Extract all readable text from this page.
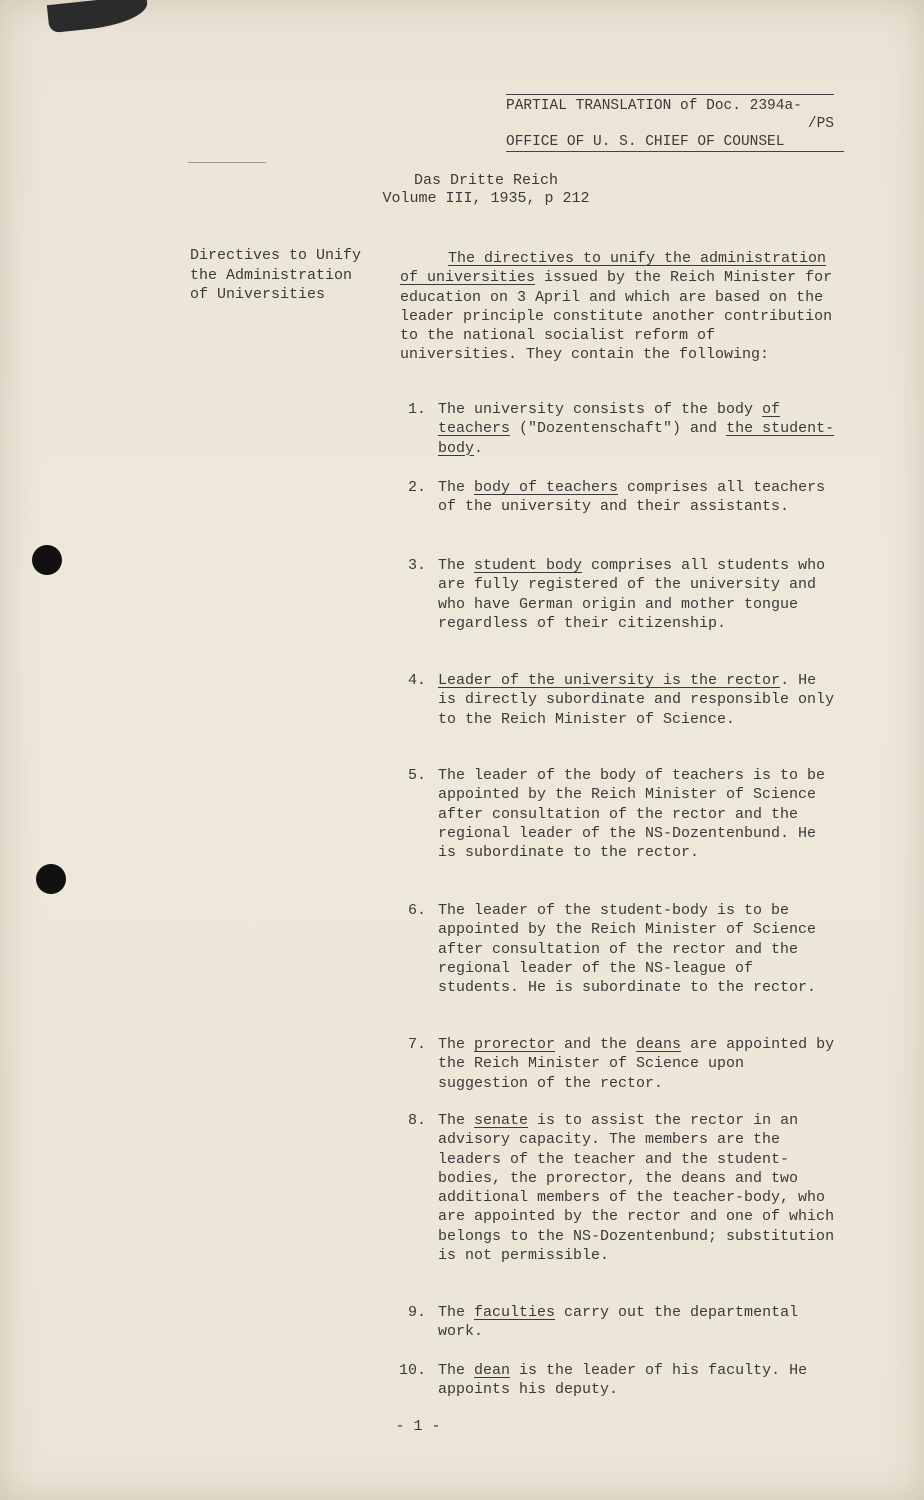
PARTIAL TRANSLATION of Doc. 2394a-
/PS
OFFICE OF U. S. CHIEF OF COUNSEL
Das Dritte Reich
Volume III, 1935, p 212
Directives to Unify
the Administration
of Universities
The directives to unify the administration of universities issued by the Reich Minister for education on 3 April and which are based on the leader principle constitute another contribution to the national socialist reform of universities. They contain the following:
1. The university consists of the body of teachers ("Dozentenschaft") and the student-body.
2. The body of teachers comprises all teachers of the university and their assistants.
3. The student body comprises all students who are fully registered of the university and who have German origin and mother tongue regardless of their citizenship.
4. Leader of the university is the rector. He is directly subordinate and responsible only to the Reich Minister of Science.
5. The leader of the body of teachers is to be appointed by the Reich Minister of Science after consultation of the rector and the regional leader of the NS-Dozentenbund. He is subordinate to the rector.
6. The leader of the student-body is to be appointed by the Reich Minister of Science after consultation of the rector and the regional leader of the NS-league of students. He is subordinate to the rector.
7. The prorector and the deans are appointed by the Reich Minister of Science upon suggestion of the rector.
8. The senate is to assist the rector in an advisory capacity. The members are the leaders of the teacher and the student-bodies, the prorector, the deans and two additional members of the teacher-body, who are appointed by the rector and one of which belongs to the NS-Dozentenbund; substitution is not permissible.
9. The faculties carry out the departmental work.
10. The dean is the leader of his faculty. He appoints his deputy.
- 1 -
